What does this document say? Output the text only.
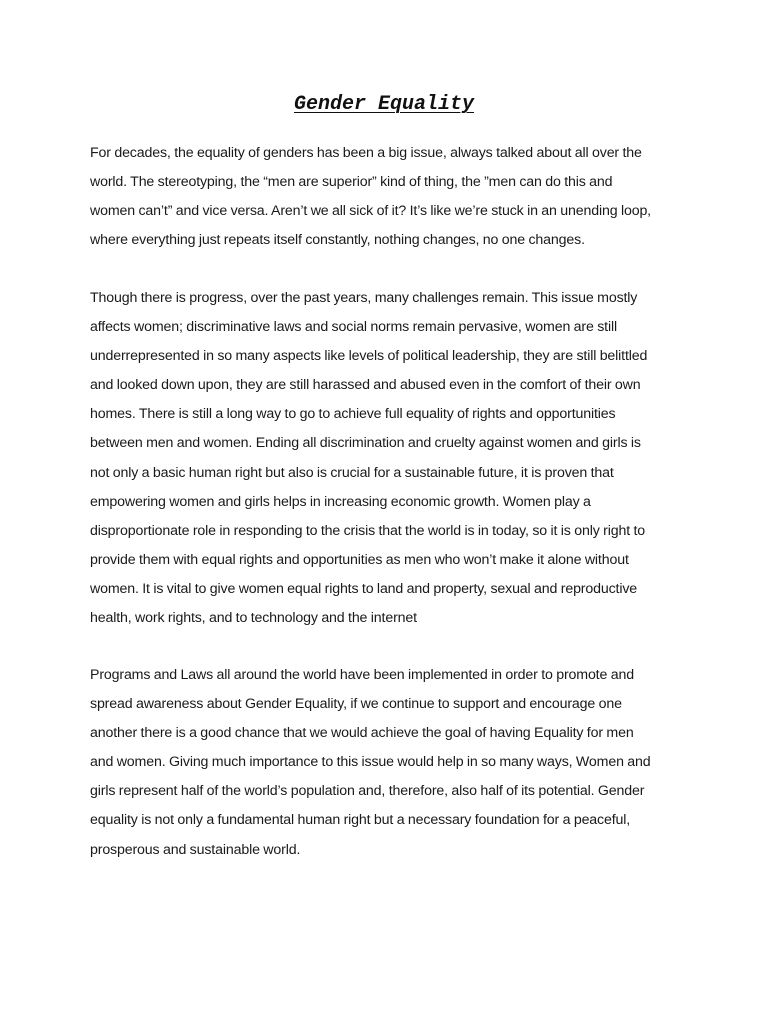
Gender Equality
For decades, the equality of genders has been a big issue, always talked about all over the
world. The stereotyping, the “men are superior” kind of thing, the ”men can do this and
women can’t” and vice versa. Aren’t we all sick of it? It’s like we’re stuck in an unending loop,
where everything just repeats itself constantly, nothing changes, no one changes.
Though there is progress, over the past years, many challenges remain. This issue mostly
affects women; discriminative laws and social norms remain pervasive, women are still
underrepresented in so many aspects like levels of political leadership, they are still belittled
and looked down upon, they are still harassed and abused even in the comfort of their own
homes. There is still a long way to go to achieve full equality of rights and opportunities
between men and women. Ending all discrimination and cruelty against women and girls is
not only a basic human right but also is crucial for a sustainable future, it is proven that
empowering women and girls helps in increasing economic growth. Women play a
disproportionate role in responding to the crisis that the world is in today, so it is only right to
provide them with equal rights and opportunities as men who won’t make it alone without
women. It is vital to give women equal rights to land and property, sexual and reproductive
health, work rights, and to technology and the internet
Programs and Laws all around the world have been implemented in order to promote and
spread awareness about Gender Equality, if we continue to support and encourage one
another there is a good chance that we would achieve the goal of having Equality for men
and women. Giving much importance to this issue would help in so many ways, Women and
girls represent half of the world’s population and, therefore, also half of its potential. Gender
equality is not only a fundamental human right but a necessary foundation for a peaceful,
prosperous and sustainable world.
